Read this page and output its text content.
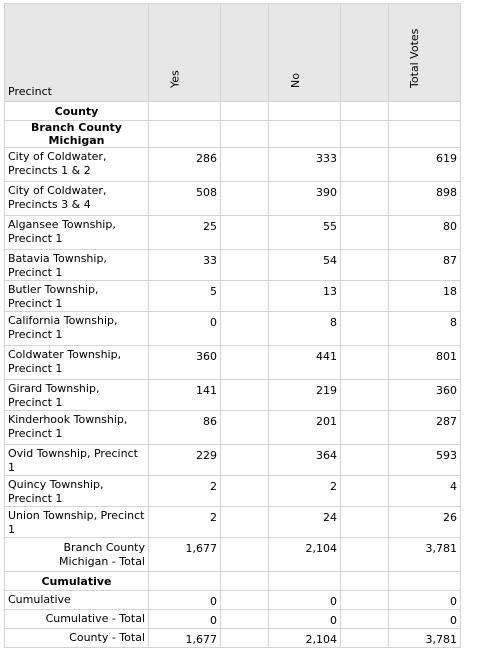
Precinct	Yes		No		Total Votes

County					
Branch County Michigan					
City of Coldwater, Precincts 1 & 2	286		333		619
City of Coldwater, Precincts 3 & 4	508		390		898
Algansee Township, Precinct 1	25		55		80
Batavia Township, Precinct 1	33		54		87
Butler Township, Precinct 1	5		13		18
California Township, Precinct 1	0		8		8
Coldwater Township, Precinct 1	360		441		801
Girard Township, Precinct 1	141		219		360
Kinderhook Township, Precinct 1	86		201		287
Ovid Township, Precinct 1	229		364		593
Quincy Township, Precinct 1	2		2		4
Union Township, Precinct 1	2		24		26
Branch County Michigan - Total	1,677		2,104		3,781
Cumulative					
Cumulative	0		0		0
Cumulative - Total	0		0		0
County - Total	1,677		2,104		3,781
